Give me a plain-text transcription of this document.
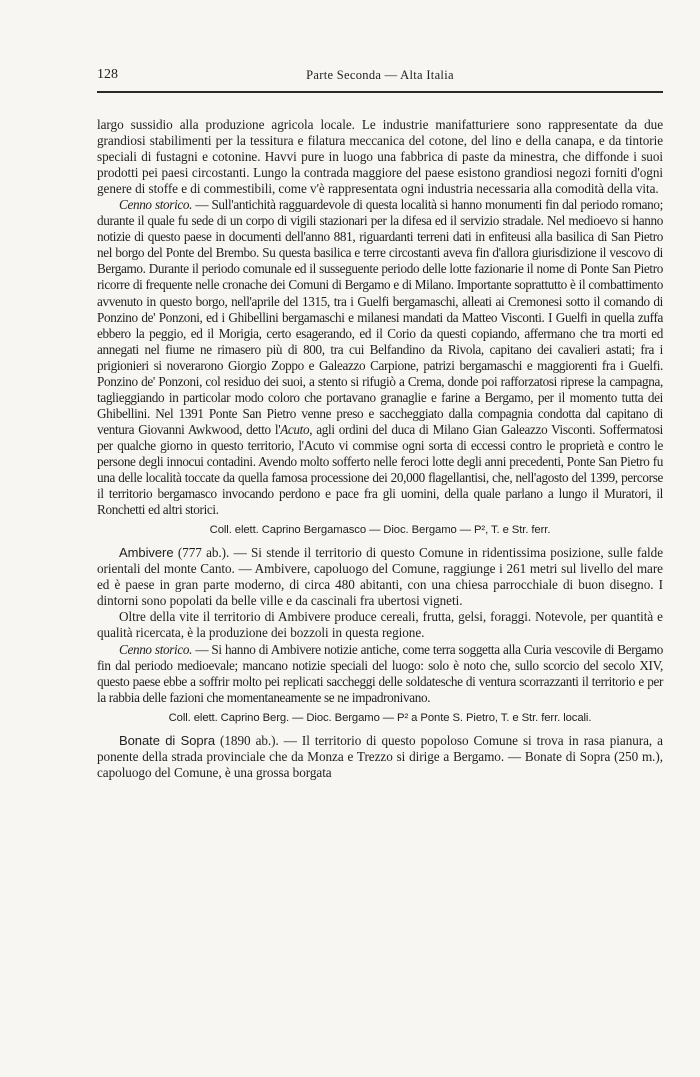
128	Parte Seconda — Alta Italia

largo sussidio alla produzione agricola locale. Le industrie manifatturiere sono rappresentate da due grandiosi stabilimenti per la tessitura e filatura meccanica del cotone, del lino e della canapa, e da tintorie speciali di fustagni e cotonine. Havvi pure in luogo una fabbrica di paste da minestra, che diffonde i suoi prodotti pei paesi circostanti. Lungo la contrada maggiore del paese esistono grandiosi negozi forniti d'ogni genere di stoffe e di commestibili, come v'è rappresentata ogni industria necessaria alla comodità della vita.

Cenno storico. — Sull'antichità ragguardevole di questa località si hanno monumenti fin dal periodo romano; durante il quale fu sede di un corpo di vigili stazionari per la difesa ed il servizio stradale. Nel medioevo si hanno notizie di questo paese in documenti dell'anno 881, riguardanti terreni dati in enfiteusi alla basilica di San Pietro nel borgo del Ponte del Brembo. Su questa basilica e terre circostanti aveva fin d'allora giurisdizione il vescovo di Bergamo. Durante il periodo comunale ed il susseguente periodo delle lotte fazionarie il nome di Ponte San Pietro ricorre di frequente nelle cronache dei Comuni di Bergamo e di Milano. Importante soprattutto è il combattimento avvenuto in questo borgo, nell'aprile del 1315, tra i Guelfi bergamaschi, alleati ai Cremonesi sotto il comando di Ponzino de' Ponzoni, ed i Ghibellini bergamaschi e milanesi mandati da Matteo Visconti. I Guelfi in quella zuffa ebbero la peggio, ed il Morigia, certo esagerando, ed il Corio da questi copiando, affermano che tra morti ed annegati nel fiume ne rimasero più di 800, tra cui Belfandino da Rivola, capitano dei cavalieri astati; fra i prigionieri si noverarono Giorgio Zoppo e Galeazzo Carpione, patrizi bergamaschi e maggiorenti fra i Guelfi. Ponzino de' Ponzoni, col residuo dei suoi, a stento si rifugiò a Crema, donde poi rafforzatosi riprese la campagna, taglieggiando in particolar modo coloro che portavano granaglie e farine a Bergamo, per il momento tutta dei Ghibellini. Nel 1391 Ponte San Pietro venne preso e saccheggiato dalla compagnia condotta dal capitano di ventura Giovanni Awkwood, detto l'Acuto, agli ordini del duca di Milano Gian Galeazzo Visconti. Soffermatosi per qualche giorno in questo territorio, l'Acuto vi commise ogni sorta di eccessi contro le proprietà e contro le persone degli innocui contadini. Avendo molto sofferto nelle feroci lotte degli anni precedenti, Ponte San Pietro fu una delle località toccate da quella famosa processione dei 20,000 flagellantisi, che, nell'agosto del 1399, percorse il territorio bergamasco invocando perdono e pace fra gli uomini, della quale parlano a lungo il Muratori, il Ronchetti ed altri storici.

Coll. elett. Caprino Bergamasco — Dioc. Bergamo — P², T. e Str. ferr.

Ambivere (777 ab.). — Si stende il territorio di questo Comune in ridentissima posizione, sulle falde orientali del monte Canto. — Ambivere, capoluogo del Comune, raggiunge i 261 metri sul livello del mare ed è paese in gran parte moderno, di circa 480 abitanti, con una chiesa parrocchiale di buon disegno. I dintorni sono popolati da belle ville e da cascinali fra ubertosi vigneti.

Oltre della vite il territorio di Ambivere produce cereali, frutta, gelsi, foraggi. Notevole, per quantità e qualità ricercata, è la produzione dei bozzoli in questa regione.

Cenno storico. — Si hanno di Ambivere notizie antiche, come terra soggetta alla Curia vescovile di Bergamo fin dal periodo medioevale; mancano notizie speciali del luogo: solo è noto che, sullo scorcio del secolo XIV, questo paese ebbe a soffrir molto pei replicati saccheggi delle soldatesche di ventura scorrazzanti il territorio e per la rabbia delle fazioni che momentaneamente se ne impadronivano.

Coll. elett. Caprino Berg. — Dioc. Bergamo — P² a Ponte S. Pietro, T. e Str. ferr. locali.

Bonate di Sopra (1890 ab.). — Il territorio di questo popoloso Comune si trova in rasa pianura, a ponente della strada provinciale che da Monza e Trezzo si dirige a Bergamo. — Bonate di Sopra (250 m.), capoluogo del Comune, è una grossa borgata
